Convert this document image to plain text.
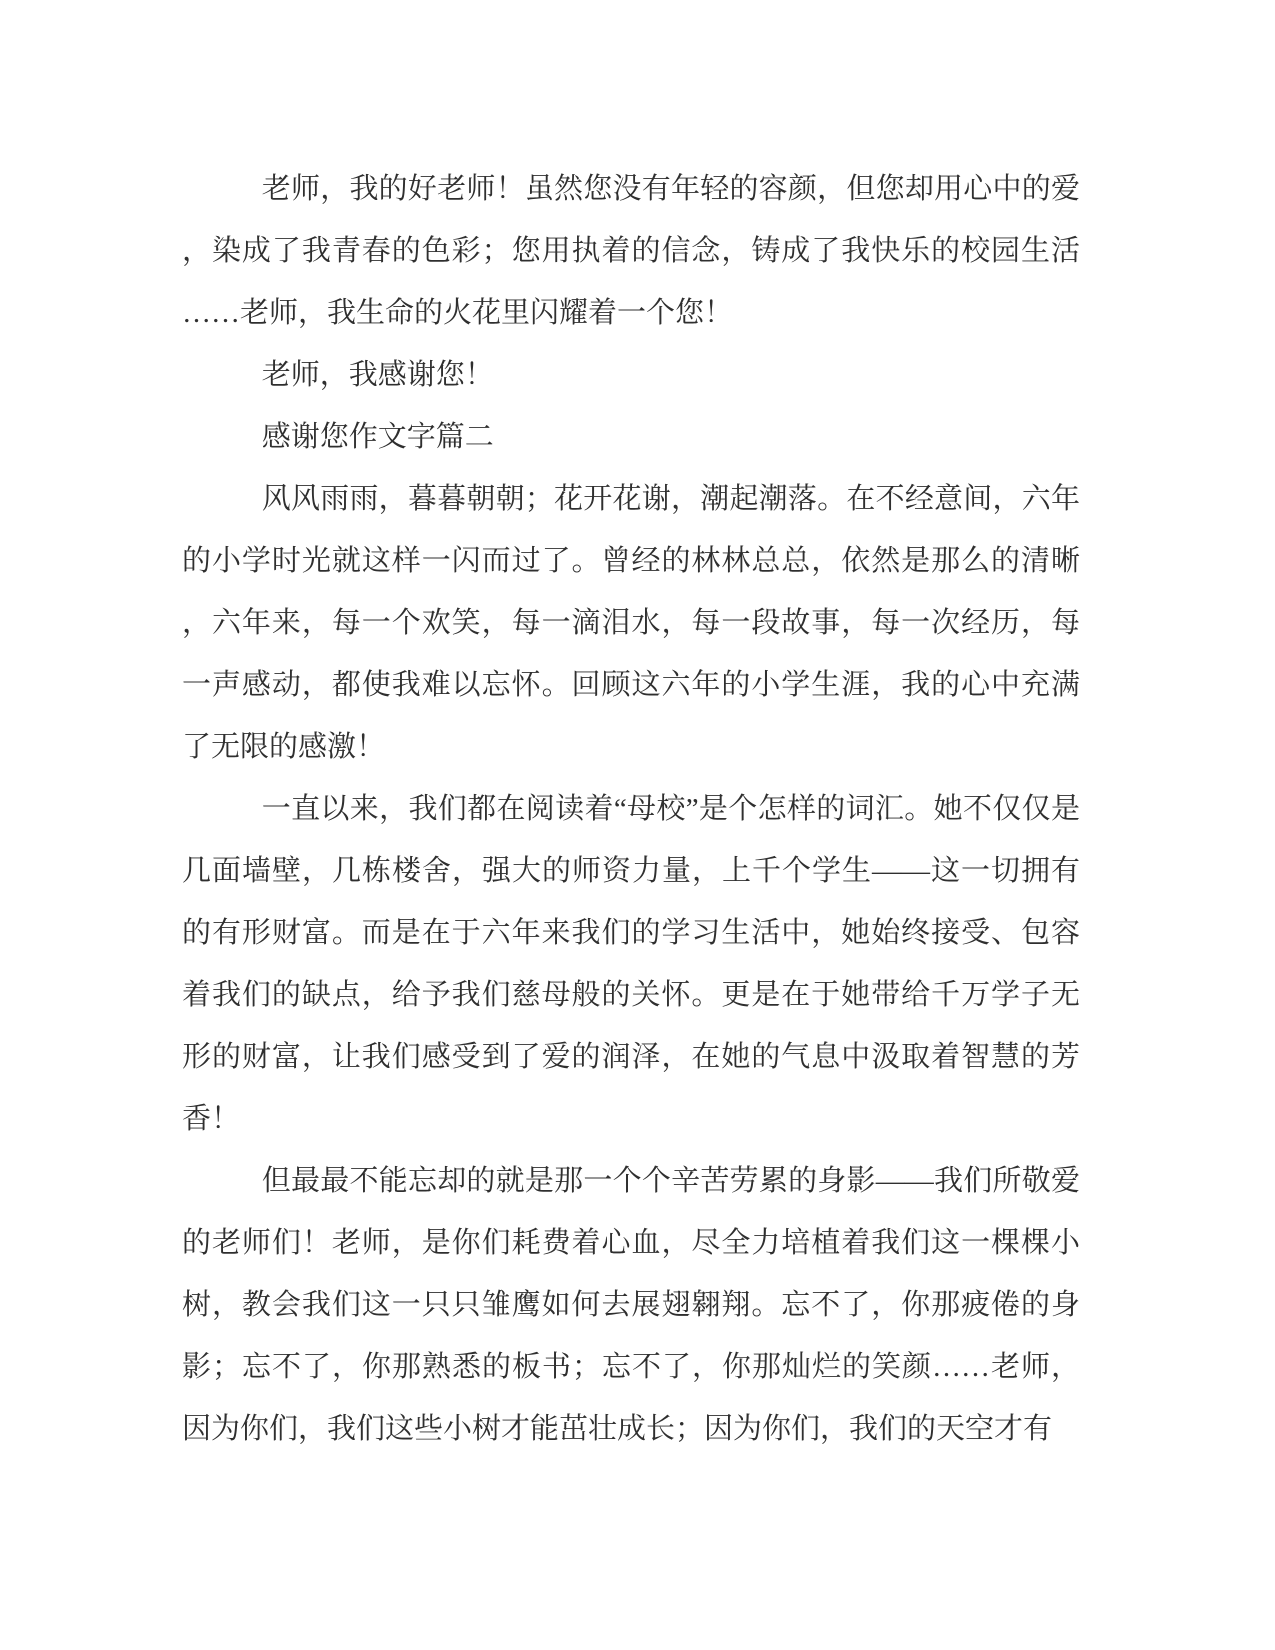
老师，我的好老师！虽然您没有年轻的容颜，但您却用心中的爱，染成了我青春的色彩；您用执着的信念，铸成了我快乐的校园生活……老师，我生命的火花里闪耀着一个您！

老师，我感谢您！

感谢您作文字篇二

风风雨雨，暮暮朝朝；花开花谢，潮起潮落。在不经意间，六年的小学时光就这样一闪而过了。曾经的林林总总，依然是那么的清晰，六年来，每一个欢笑，每一滴泪水，每一段故事，每一次经历，每一声感动，都使我难以忘怀。回顾这六年的小学生涯，我的心中充满了无限的感激！

一直以来，我们都在阅读着“母校”是个怎样的词汇。她不仅仅是几面墙壁，几栋楼舍，强大的师资力量，上千个学生——这一切拥有的有形财富。而是在于六年来我们的学习生活中，她始终接受、包容着我们的缺点，给予我们慈母般的关怀。更是在于她带给千万学子无形的财富，让我们感受到了爱的润泽，在她的气息中汲取着智慧的芳香！

但最最不能忘却的就是那一个个辛苦劳累的身影——我们所敬爱的老师们！老师，是你们耗费着心血，尽全力培植着我们这一棵棵小树，教会我们这一只只雏鹰如何去展翅翱翔。忘不了，你那疲倦的身影；忘不了，你那熟悉的板书；忘不了，你那灿烂的笑颜……老师，因为你们，我们这些小树才能茁壮成长；因为你们，我们的天空才有
